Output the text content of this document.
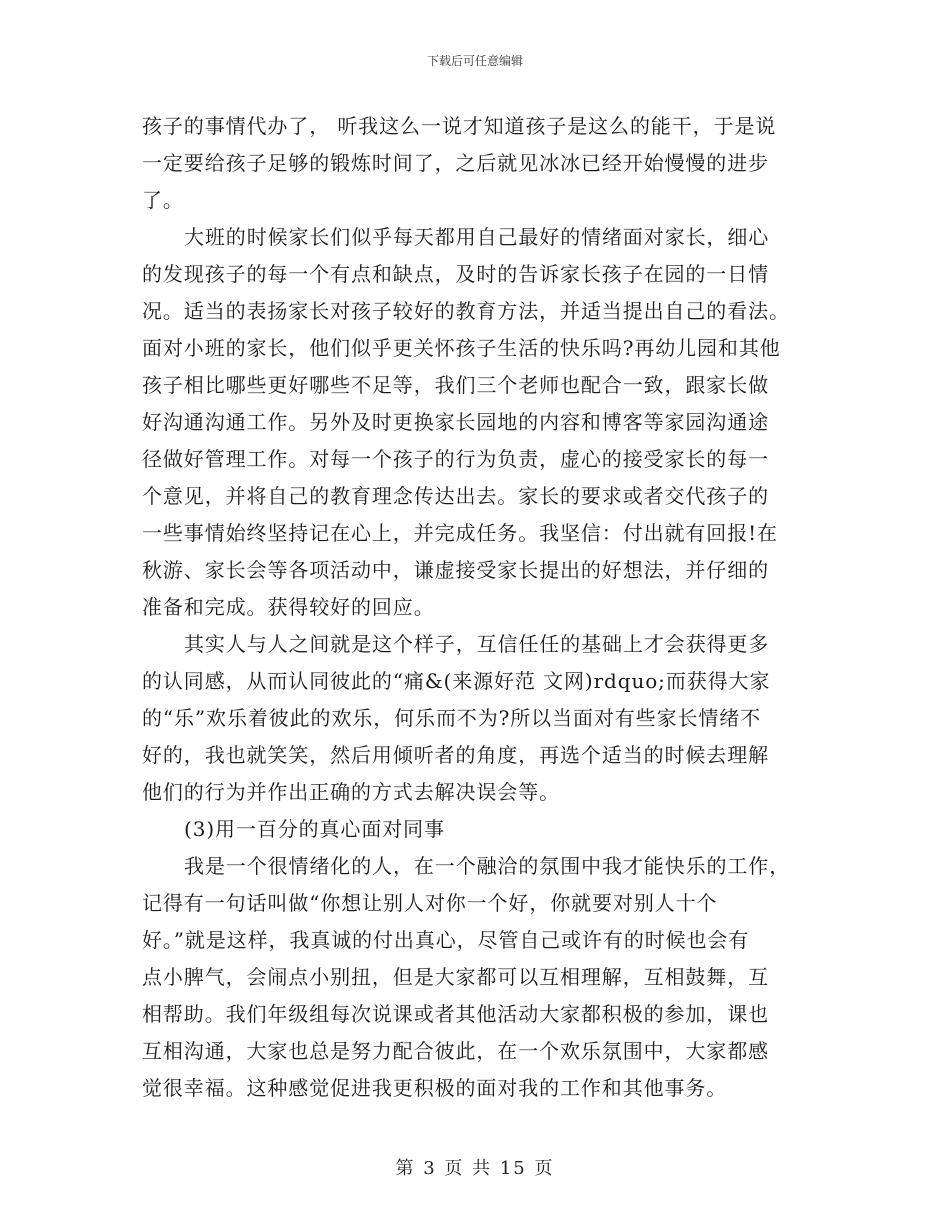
下载后可任意编辑
孩子的事情代办了， 听我这么一说才知道孩子是这么的能干，于是说
一定要给孩子足够的锻炼时间了，之后就见冰冰已经开始慢慢的进步
了。
大班的时候家长们似乎每天都用自己最好的情绪面对家长，细心
的发现孩子的每一个有点和缺点，及时的告诉家长孩子在园的一日情
况。适当的表扬家长对孩子较好的教育方法，并适当提出自己的看法。
面对小班的家长，他们似乎更关怀孩子生活的快乐吗?再幼儿园和其他
孩子相比哪些更好哪些不足等，我们三个老师也配合一致，跟家长做
好沟通沟通工作。另外及时更换家长园地的内容和博客等家园沟通途
径做好管理工作。对每一个孩子的行为负责，虚心的接受家长的每一
个意见，并将自己的教育理念传达出去。家长的要求或者交代孩子的
一些事情始终坚持记在心上，并完成任务。我坚信：付出就有回报!在
秋游、家长会等各项活动中，谦虚接受家长提出的好想法，并仔细的
准备和完成。获得较好的回应。
其实人与人之间就是这个样子，互信任任的基础上才会获得更多
的认同感，从而认同彼此的“痛&(来源好范 文网)rdquo;而获得大家
的“乐”欢乐着彼此的欢乐，何乐而不为?所以当面对有些家长情绪不
好的，我也就笑笑，然后用倾听者的角度，再选个适当的时候去理解
他们的行为并作出正确的方式去解决误会等。
(3)用一百分的真心面对同事
我是一个很情绪化的人，在一个融洽的氛围中我才能快乐的工作，
记得有一句话叫做“你想让别人对你一个好，你就要对别人十个
好。”就是这样，我真诚的付出真心，尽管自己或许有的时候也会有
点小脾气，会闹点小别扭，但是大家都可以互相理解，互相鼓舞，互
相帮助。我们年级组每次说课或者其他活动大家都积极的参加，课也
互相沟通，大家也总是努力配合彼此，在一个欢乐氛围中，大家都感
觉很幸福。这种感觉促进我更积极的面对我的工作和其他事务。
第 3 页 共 15 页
